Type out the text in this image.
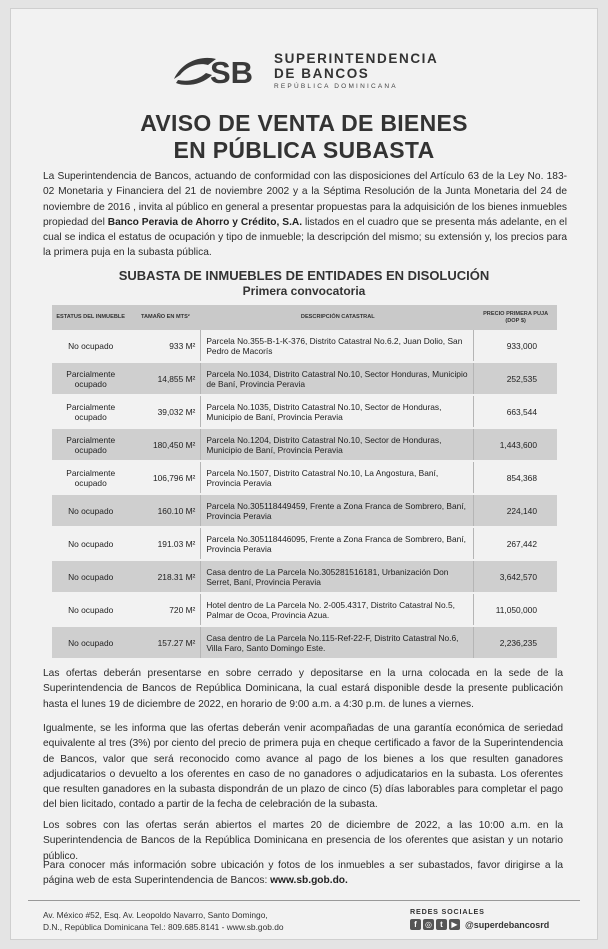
SB SUPERINTENDENCIA
DE BANCOS
REPÚBLICA DOMINICANA
AVISO DE VENTA DE BIENES
EN PÚBLICA SUBASTA
La Superintendencia de Bancos, actuando de conformidad con las disposiciones del Artículo 63 de la Ley No. 183-02 Monetaria y Financiera del 21 de noviembre 2002 y a la Séptima Resolución de la Junta Monetaria del 24 de noviembre de 2016 , invita al público en general a presentar propuestas para la adquisición de los bienes inmuebles propiedad del Banco Peravia de Ahorro y Crédito, S.A. listados en el cuadro que se presenta más adelante, en el cual se indica el estatus de ocupación y tipo de inmueble; la descripción del mismo; su extensión y, los precios para la primera puja en la subasta pública.
SUBASTA DE INMUEBLES DE ENTIDADES EN DISOLUCIÓN
Primera convocatoria
ESTATUS DEL INMUEBLE	TAMAÑO EN MTS²	DESCRIPCIÓN CATASTRAL	PRECIO PRIMERA PUJA (DOP $)
No ocupado	933 M²	Parcela No.355-B-1-K-376, Distrito Catastral No.6.2, Juan Dolio, San Pedro de Macorís	933,000

Parcialmente ocupado	14,855 M²	Parcela No.1034, Distrito Catastral No.10, Sector Honduras, Municipio de Baní, Provincia Peravia	252,535

Parcialmente ocupado	39,032 M²	Parcela No.1035, Distrito Catastral No.10, Sector de Honduras, Municipio de Baní, Provincia Peravia	663,544

Parcialmente ocupado	180,450 M²	Parcela No.1204, Distrito Catastral No.10, Sector de Honduras, Municipio de Baní, Provincia Peravia	1,443,600

Parcialmente ocupado	106,796 M²	Parcela No.1507, Distrito Catastral No.10, La Angostura, Baní, Provincia Peravia	854,368

No ocupado	160.10 M²	Parcela No.305118449459, Frente a Zona Franca de Sombrero, Baní, Provincia Peravia	224,140

No ocupado	191.03 M²	Parcela No.305118446095, Frente a Zona Franca de Sombrero, Baní, Provincia Peravia	267,442

No ocupado	218.31 M²	Casa dentro de La Parcela No.305281516181, Urbanización Don Serret, Baní, Provincia Peravia	3,642,570

No ocupado	720 M²	Hotel dentro de La Parcela No. 2-005.4317, Distrito Catastral No.5, Palmar de Ocoa, Provincia Azua.	11,050,000

No ocupado	157.27 M²	Casa dentro de La Parcela No.115-Ref-22-F, Distrito Catastral No.6, Villa Faro, Santo Domingo Este.	2,236,235
Las ofertas deberán presentarse en sobre cerrado y depositarse en la urna colocada en la sede de la Superintendencia de Bancos de República Dominicana, la cual estará disponible desde la presente publicación hasta el lunes 19 de diciembre de 2022, en horario de 9:00 a.m. a 4:30 p.m. de lunes a viernes.
Igualmente, se les informa que las ofertas deberán venir acompañadas de una garantía económica de seriedad equivalente al tres (3%) por ciento del precio de primera puja en cheque certificado a favor de la Superintendencia de Bancos, valor que será reconocido como avance al pago de los bienes a los que resulten ganadores adjudicatarios o devuelto a los oferentes en caso de no ganadores o adjudicatarios en la subasta. Los oferentes que resulten ganadores en la subasta dispondrán de un plazo de cinco (5) días laborables para completar el pago del bien licitado, contado a partir de la fecha de celebración de la subasta.
Los sobres con las ofertas serán abiertos el martes 20 de diciembre de 2022, a las 10:00 a.m. en la Superintendencia de Bancos de la República Dominicana en presencia de los oferentes que asistan y un notario público.
Para conocer más información sobre ubicación y fotos de los inmuebles a ser subastados, favor dirigirse a la página web de esta Superintendencia de Bancos: www.sb.gob.do.
Av. México #52, Esq. Av. Leopoldo Navarro, Santo Domingo,
D.N., República Dominicana Tel.: 809.685.8141 - www.sb.gob.do
REDES SOCIALES
f	◎	t	▶ @superdebancosrd
